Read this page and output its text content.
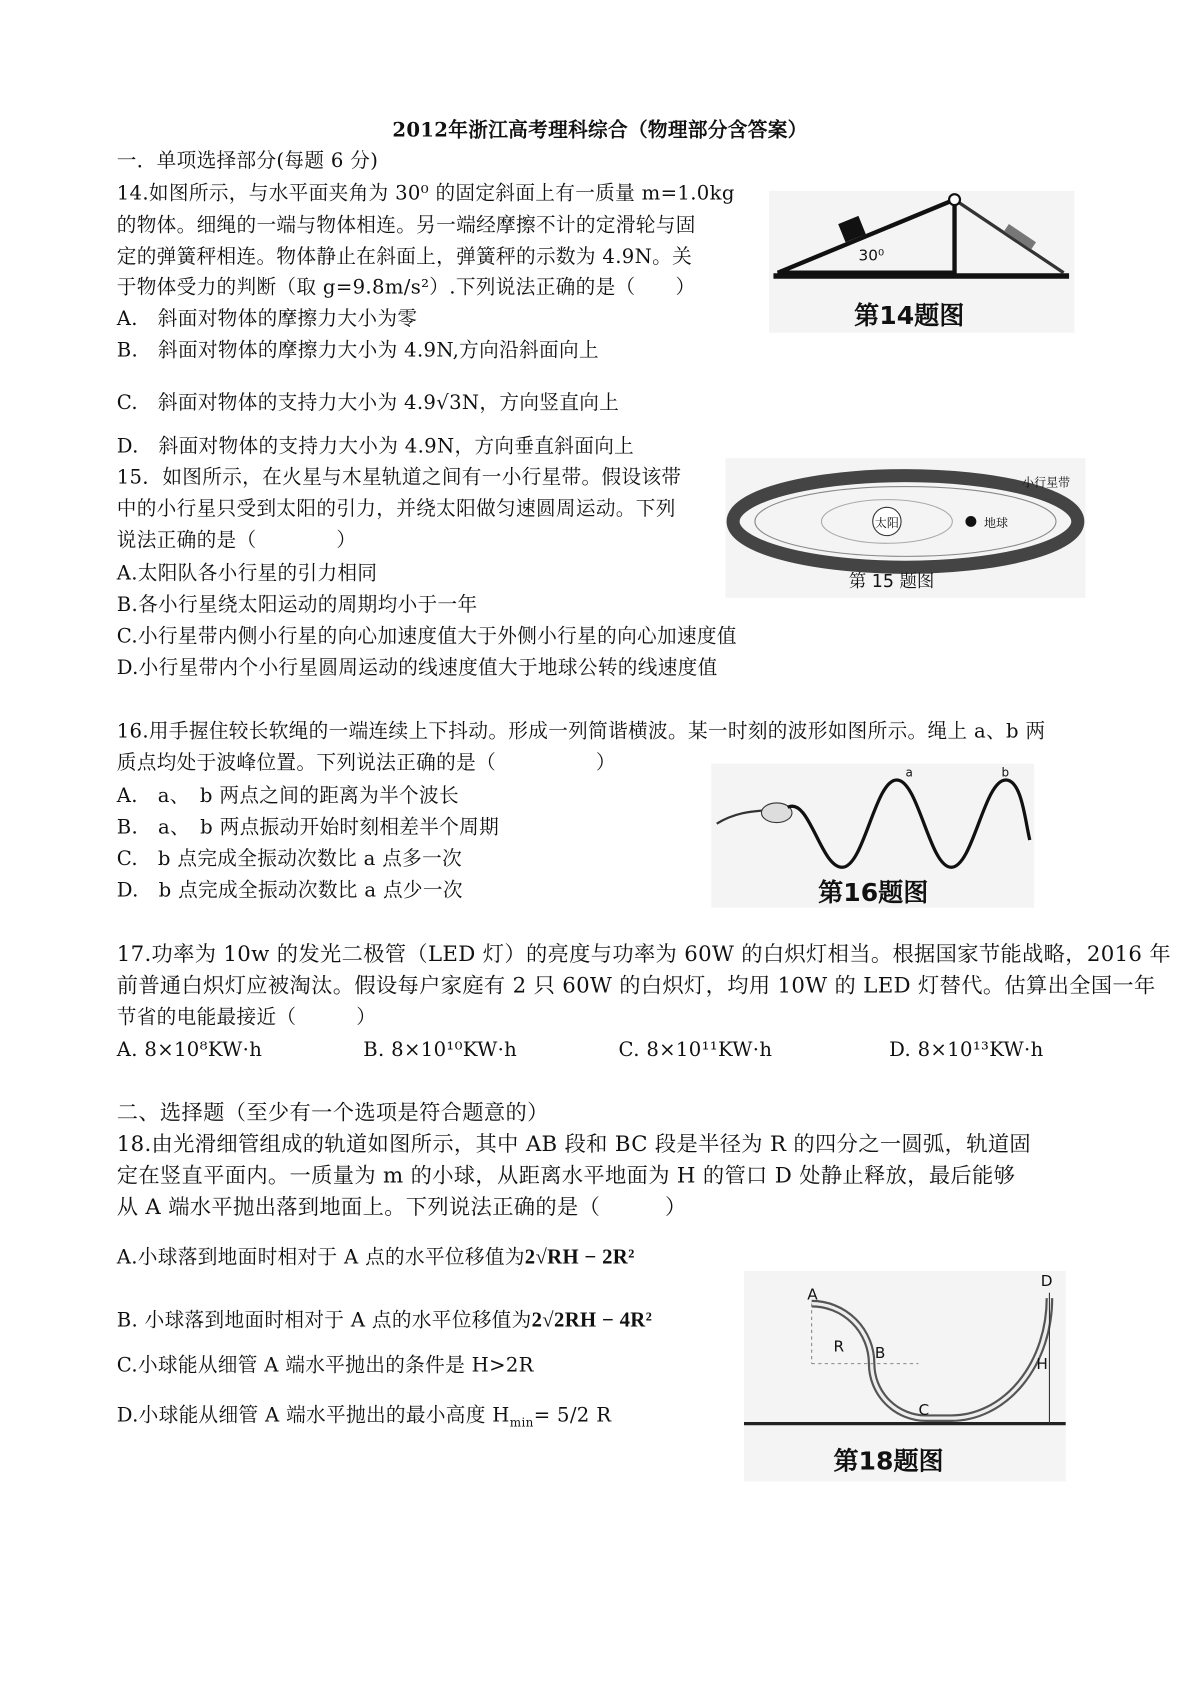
2012年浙江高考理科综合（物理部分含答案）
一．单项选择部分(每题 6 分)
14.如图所示，与水平面夹角为 30⁰ 的固定斜面上有一质量 m=1.0kg
的物体。细绳的一端与物体相连。另一端经摩擦不计的定滑轮与固
定的弹簧秤相连。物体静止在斜面上，弹簧秤的示数为 4.9N。关
于物体受力的判断（取 g=9.8m/s²）.下列说法正确的是（　　）
A.　斜面对物体的摩擦力大小为零
B.　斜面对物体的摩擦力大小为 4.9N,方向沿斜面向上
C.　斜面对物体的支持力大小为 4.9√3N，方向竖直向上
D.　斜面对物体的支持力大小为 4.9N，方向垂直斜面向上
30⁰
第14题图
15．如图所示，在火星与木星轨道之间有一小行星带。假设该带
中的小行星只受到太阳的引力，并绕太阳做匀速圆周运动。下列
说法正确的是（　　　　）
A.太阳队各小行星的引力相同
B.各小行星绕太阳运动的周期均小于一年
C.小行星带内侧小行星的向心加速度值大于外侧小行星的向心加速度值
D.小行星带内个小行星圆周运动的线速度值大于地球公转的线速度值
太阳	地球
小行星带
第 15 题图
16.用手握住较长软绳的一端连续上下抖动。形成一列简谐横波。某一时刻的波形如图所示。绳上 a、b 两
质点均处于波峰位置。下列说法正确的是（　　　　　）
A.　a、　b 两点之间的距离为半个波长
B.　a、　b 两点振动开始时刻相差半个周期
C.　b 点完成全振动次数比 a 点多一次
D.　b 点完成全振动次数比 a 点少一次
a	b
第16题图
17.功率为 10w 的发光二极管（LED 灯）的亮度与功率为 60W 的白炽灯相当。根据国家节能战略，2016 年
前普通白炽灯应被淘汰。假设每户家庭有 2 只 60W 的白炽灯，均用 10W 的 LED 灯替代。估算出全国一年
节省的电能最接近（　　　）
A. 8×10⁸KW·h	B. 8×10¹⁰KW·h	C. 8×10¹¹KW·h	D. 8×10¹³KW·h
二、选择题（至少有一个选项是符合题意的）
18.由光滑细管组成的轨道如图所示，其中 AB 段和 BC 段是半径为 R 的四分之一圆弧，轨道固
定在竖直平面内。一质量为 m 的小球，从距离水平地面为 H 的管口 D 处静止释放，最后能够
从 A 端水平抛出落到地面上。下列说法正确的是（　　　）
A.小球落到地面时相对于 A 点的水平位移值为2√RH − 2R²
B. 小球落到地面时相对于 A 点的水平位移值为2√2RH − 4R²
C.小球能从细管 A 端水平抛出的条件是 H>2R
D.小球能从细管 A 端水平抛出的最小高度 $H_{min}= 5/2$ R
A
B
C
D
R
H
第18题图
